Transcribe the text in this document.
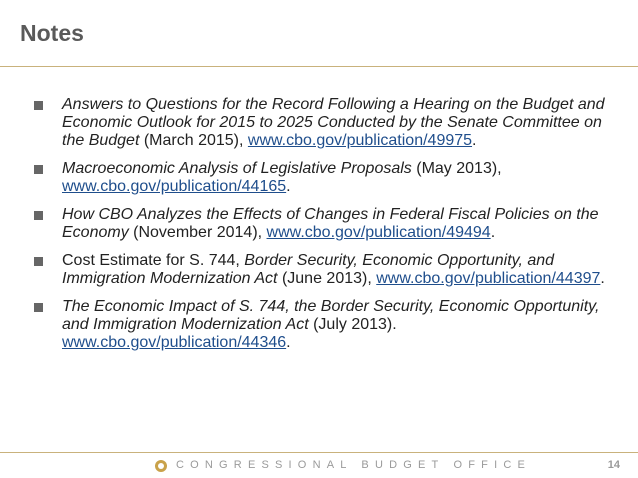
Notes
Answers to Questions for the Record Following a Hearing on the Budget and Economic Outlook for 2015 to 2025 Conducted by the Senate Committee on the Budget (March 2015), www.cbo.gov/publication/49975.
Macroeconomic Analysis of Legislative Proposals (May 2013), www.cbo.gov/publication/44165.
How CBO Analyzes the Effects of Changes in Federal Fiscal Policies on the Economy (November 2014), www.cbo.gov/publication/49494.
Cost Estimate for S. 744, Border Security, Economic Opportunity, and Immigration Modernization Act (June 2013), www.cbo.gov/publication/44397.
The Economic Impact of S. 744, the Border Security, Economic Opportunity, and Immigration Modernization Act (July 2013). www.cbo.gov/publication/44346.
CONGRESSIONAL BUDGET OFFICE	14
